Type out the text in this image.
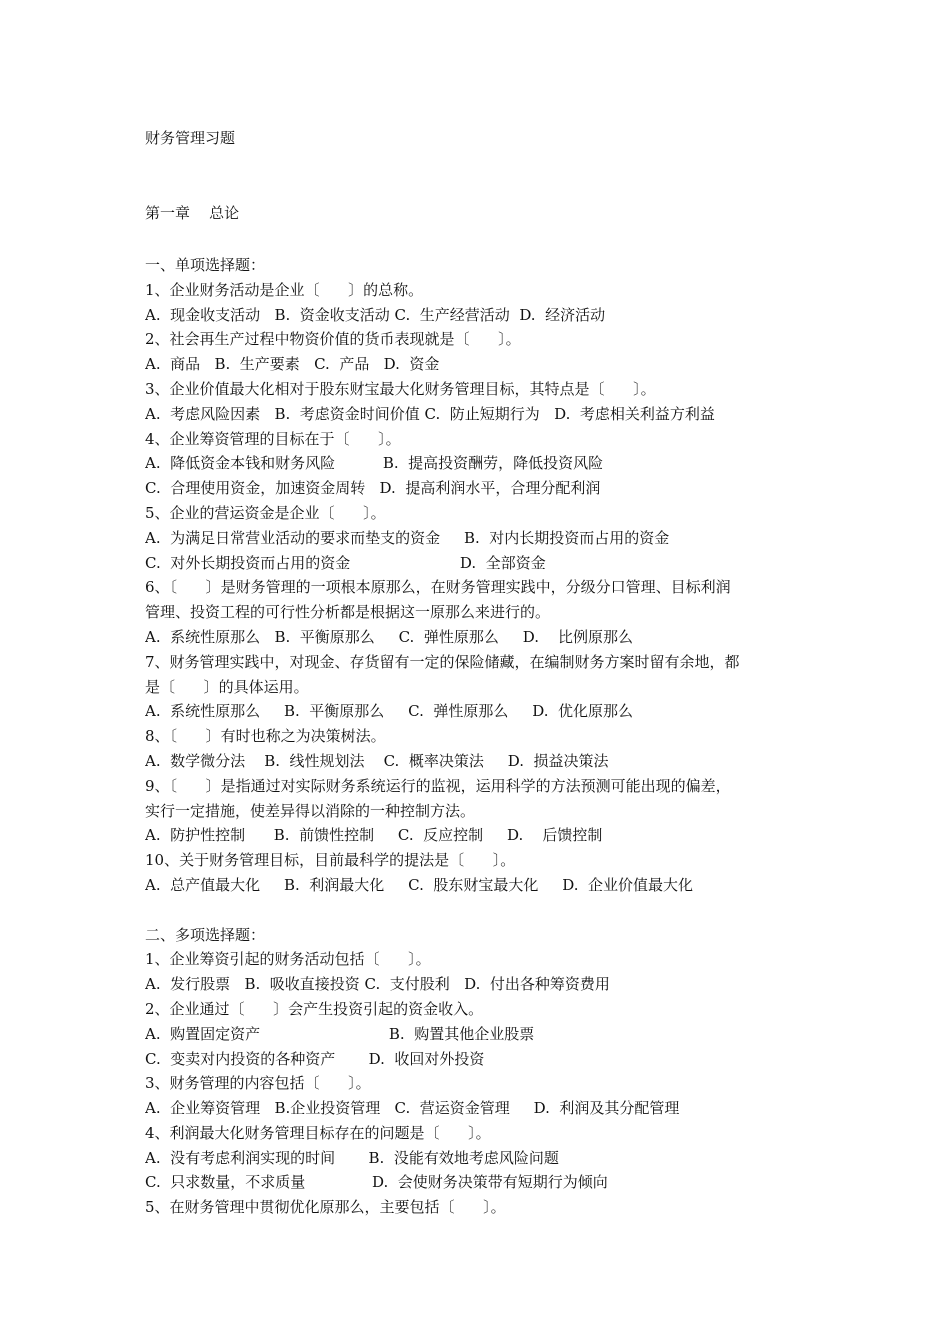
财务管理习题
第一章    总论
一、单项选择题：
1、企业财务活动是企业〔      〕的总称。
A.  现金收支活动   B.  资金收支活动 C.  生产经营活动  D.  经济活动
2、社会再生产过程中物资价值的货币表现就是〔      〕。
A.  商品   B.  生产要素   C.  产品   D.  资金
3、企业价值最大化相对于股东财宝最大化财务管理目标，其特点是〔      〕。
A.  考虑风险因素   B.  考虑资金时间价值 C.  防止短期行为   D.  考虑相关利益方利益
4、企业筹资管理的目标在于〔      〕。
A.  降低资金本钱和财务风险          B.  提高投资酬劳，降低投资风险
C.  合理使用资金，加速资金周转   D.  提高利润水平，合理分配利润
5、企业的营运资金是企业〔      〕。
A.  为满足日常营业活动的要求而垫支的资金     B.  对内长期投资而占用的资金
C.  对外长期投资而占用的资金                       D.  全部资金
6、〔      〕是财务管理的一项根本原那么，在财务管理实践中，分级分口管理、目标利润
管理、投资工程的可行性分析都是根据这一原那么来进行的。
A.  系统性原那么   B.  平衡原那么     C.  弹性原那么     D.    比例原那么
7、财务管理实践中，对现金、存货留有一定的保险储藏，在编制财务方案时留有余地，都
是〔      〕的具体运用。
A.  系统性原那么     B.  平衡原那么     C.  弹性原那么     D.  优化原那么
8、〔      〕有时也称之为决策树法。
A.  数学微分法    B.  线性规划法    C.  概率决策法     D.  损益决策法
9、〔      〕是指通过对实际财务系统运行的监视，运用科学的方法预测可能出现的偏差，
实行一定措施，使差异得以消除的一种控制方法。
A.  防护性控制      B.  前馈性控制     C.  反应控制     D.    后馈控制
10、关于财务管理目标，目前最科学的提法是〔      〕。
A.  总产值最大化     B.  利润最大化     C.  股东财宝最大化     D.  企业价值最大化
二、多项选择题：
1、企业筹资引起的财务活动包括〔      〕。
A.  发行股票   B.  吸收直接投资 C.  支付股利   D.  付出各种筹资费用
2、企业通过〔      〕会产生投资引起的资金收入。
A.  购置固定资产                           B.  购置其他企业股票
C.  变卖对内投资的各种资产       D.  收回对外投资
3、财务管理的内容包括〔      〕。
A.  企业筹资管理   B.企业投资管理   C.  营运资金管理     D.  利润及其分配管理
4、利润最大化财务管理目标存在的问题是〔      〕。
A.  没有考虑利润实现的时间       B.  没能有效地考虑风险问题
C.  只求数量，不求质量              D.  会使财务决策带有短期行为倾向
5、在财务管理中贯彻优化原那么，主要包括〔      〕。
